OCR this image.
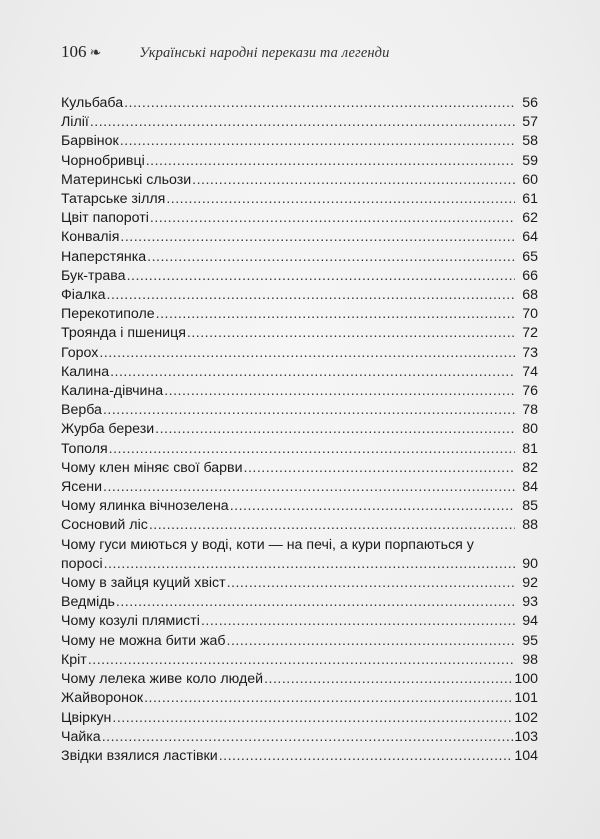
106 ❧	Українські народні перекази та легенди
Кульбаба .....	56
Лілії .....	57
Барвінок .....	58
Чорнобривці .....	59
Материнські сльози .....	60
Татарське зілля .....	61
Цвіт папороті .....	62
Конвалія .....	64
Наперстянка .....	65
Бук-трава .....	66
Фіалка .....	68
Перекотиполе .....	70
Троянда і пшениця .....	72
Горох .....	73
Калина .....	74
Калина-дівчина .....	76
Верба .....	78
Журба берези .....	80
Тополя .....	81
Чому клен міняє свої барви .....	82
Ясени .....	84
Чому ялинка вічнозелена .....	85
Сосновий ліс .....	88
Чому гуси миються у воді, коти — на печі, а кури порпаються у
поросі .....	90
Чому в зайця куций хвіст .....	92
Ведмідь .....	93
Чому козулі плямисті .....	94
Чому не можна бити жаб .....	95
Кріт .....	98
Чому лелека живе коло людей .....	100
Жайворонок .....	101
Цвіркун .....	102
Чайка .....	103
Звідки взялися ластівки .....	104
